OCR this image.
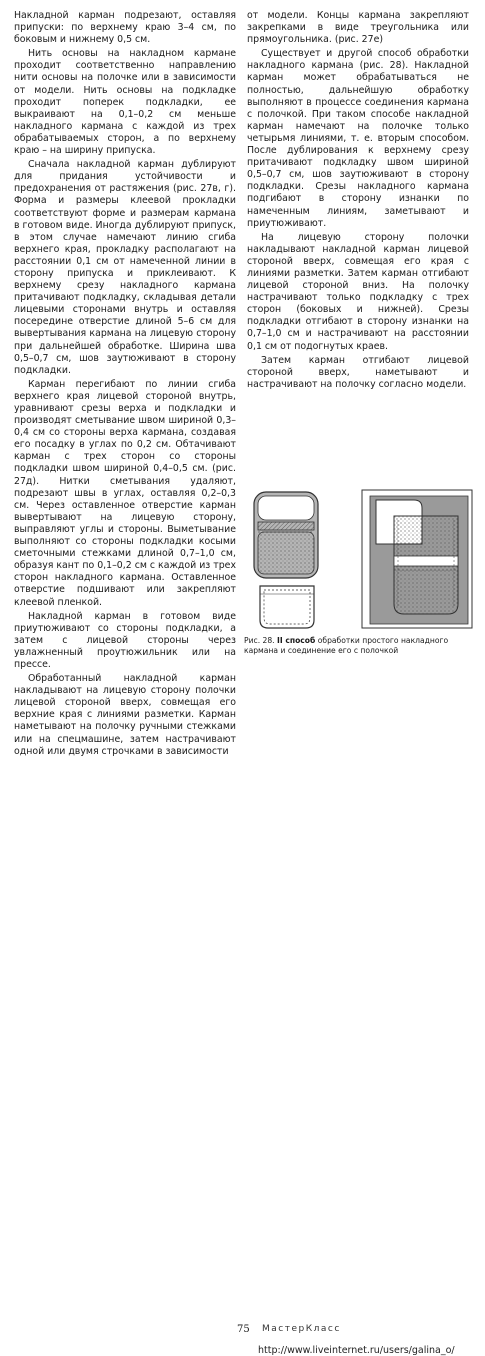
Накладной карман подрезают, оставляя припуски: по верхнему краю 3–4 см, по боковым и нижнему 0,5 см.

Нить основы на накладном кармане проходит соответственно направлению нити основы на полочке или в зависимости от модели. Нить основы на подкладке проходит поперек подкладки, ее выкраивают на 0,1–0,2 см меньше накладного кармана с каждой из трех обрабатываемых сторон, а по верхнему краю – на ширину припуска.

Сначала накладной карман дублируют для придания устойчивости и предохранения от растяжения (рис. 27в, г). Форма и размеры клеевой прокладки соответствуют форме и размерам кармана в готовом виде. Иногда дублируют припуск, в этом случае намечают линию сгиба верхнего края, прокладку располагают на расстоянии 0,1 см от намеченной линии в сторону припуска и приклеивают. К верхнему срезу накладного кармана притачивают подкладку, складывая детали лицевыми сторонами внутрь и оставляя посередине отверстие длиной 5–6 см для вывертывания кармана на лицевую сторону при дальнейшей обработке. Ширина шва 0,5–0,7 см, шов заутюживают в сторону подкладки.

Карман перегибают по линии сгиба верхнего края лицевой стороной внутрь, уравнивают срезы верха и подкладки и производят сметывание швом шириной 0,3–0,4 см со стороны верха кармана, создавая его посадку в углах по 0,2 см. Обтачивают карман с трех сторон со стороны подкладки швом шириной 0,4–0,5 см. (рис. 27д). Нитки сметывания удаляют, подрезают швы в углах, оставляя 0,2–0,3 см. Через оставленное отверстие карман вывертывают на лицевую сторону, выправляют углы и стороны. Выметывание выполняют со стороны подкладки косыми сметочными стежками длиной 0,7–1,0 см, образуя кант по 0,1–0,2 см с каждой из трех сторон накладного кармана. Оставленное отверстие подшивают или закрепляют клеевой пленкой.

Накладной карман в готовом виде приутюживают со стороны подкладки, а затем с лицевой стороны через увлажненный проутюжильник или на прессе.

Обработанный накладной карман накладывают на лицевую сторону полочки лицевой стороной вверх, совмещая его верхние края с линиями разметки. Карман наметывают на полочку ручными стежками или на спецмашине, затем настрачивают одной или двумя строчками в зависимости

от модели. Концы кармана закрепляют закрепками в виде треугольника или прямоугольника. (рис. 27е)

Существует и другой способ обработки накладного кармана (рис. 28). Накладной карман может обрабатываться не полностью, дальнейшую обработку выполняют в процессе соединения кармана с полочкой. При таком способе накладной карман намечают на полочке только четырьмя линиями, т. е. вторым способом. После дублирования к верхнему срезу притачивают подкладку швом шириной 0,5–0,7 см, шов заутюживают в сторону подкладки. Срезы накладного кармана подгибают в сторону изнанки по намеченным линиям, заметывают и приутюживают.

На лицевую сторону полочки накладывают накладной карман лицевой стороной вверх, совмещая его края с линиями разметки. Затем карман отгибают лицевой стороной вниз. На полочку настрачивают только подкладку с трех сторон (боковых и нижней). Срезы подкладки отгибают в сторону изнанки на 0,7–1,0 см и настрачивают на расстоянии 0,1 см от подогнутых краев.

Затем карман отгибают лицевой стороной вверх, наметывают и настрачивают на полочку согласно модели.

Рис. 28. II способ обработки простого накладного кармана и соединение его с полочкой
75 МастерКласс
http://www.liveinternet.ru/users/galina_o/
